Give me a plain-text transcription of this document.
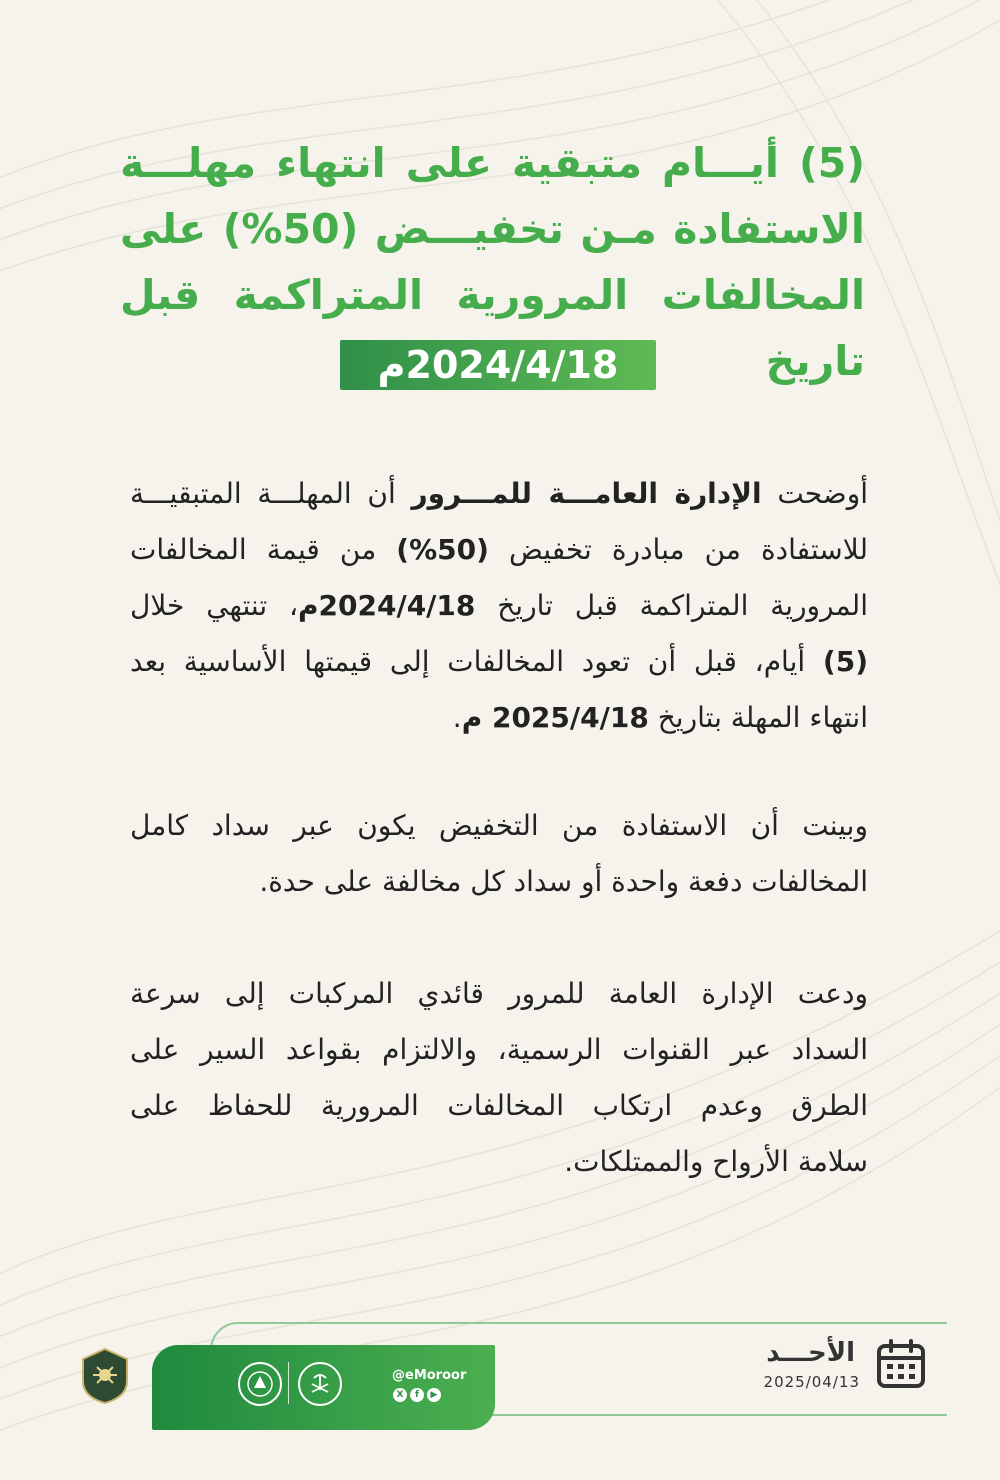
(5) أيـــام متبقية على انتهاء مهلـــة
الاستفادة مـن تخفيـــض (50%) على
المخالفات المرورية المتراكمة قبل تاريخ
2024/4/18م
أوضحت الإدارة العامـــة للمـــرور أن المهلـــة المتبقيـــة
للاستفادة من مبادرة تخفيض (50%) من قيمة المخالفات
المرورية المتراكمة قبل تاريخ 2024/4/18م، تنتهي خلال
(5) أيام، قبل أن تعود المخالفات إلى قيمتها الأساسية بعد
انتهاء المهلة بتاريخ 2025/4/18 م.
وبينت أن الاستفادة من التخفيض يكون عبر سداد كامل
المخالفات دفعة واحدة أو سداد كل مخالفة على حدة.
ودعت الإدارة العامة للمرور قائدي المركبات إلى سرعة
السداد عبر القنوات الرسمية، والالتزام بقواعد السير على
الطرق وعدم ارتكاب المخالفات المرورية للحفاظ على
سلامة الأرواح والممتلكات.
@eMoroor
X	f	▶
الأحـــد
2025/04/13
